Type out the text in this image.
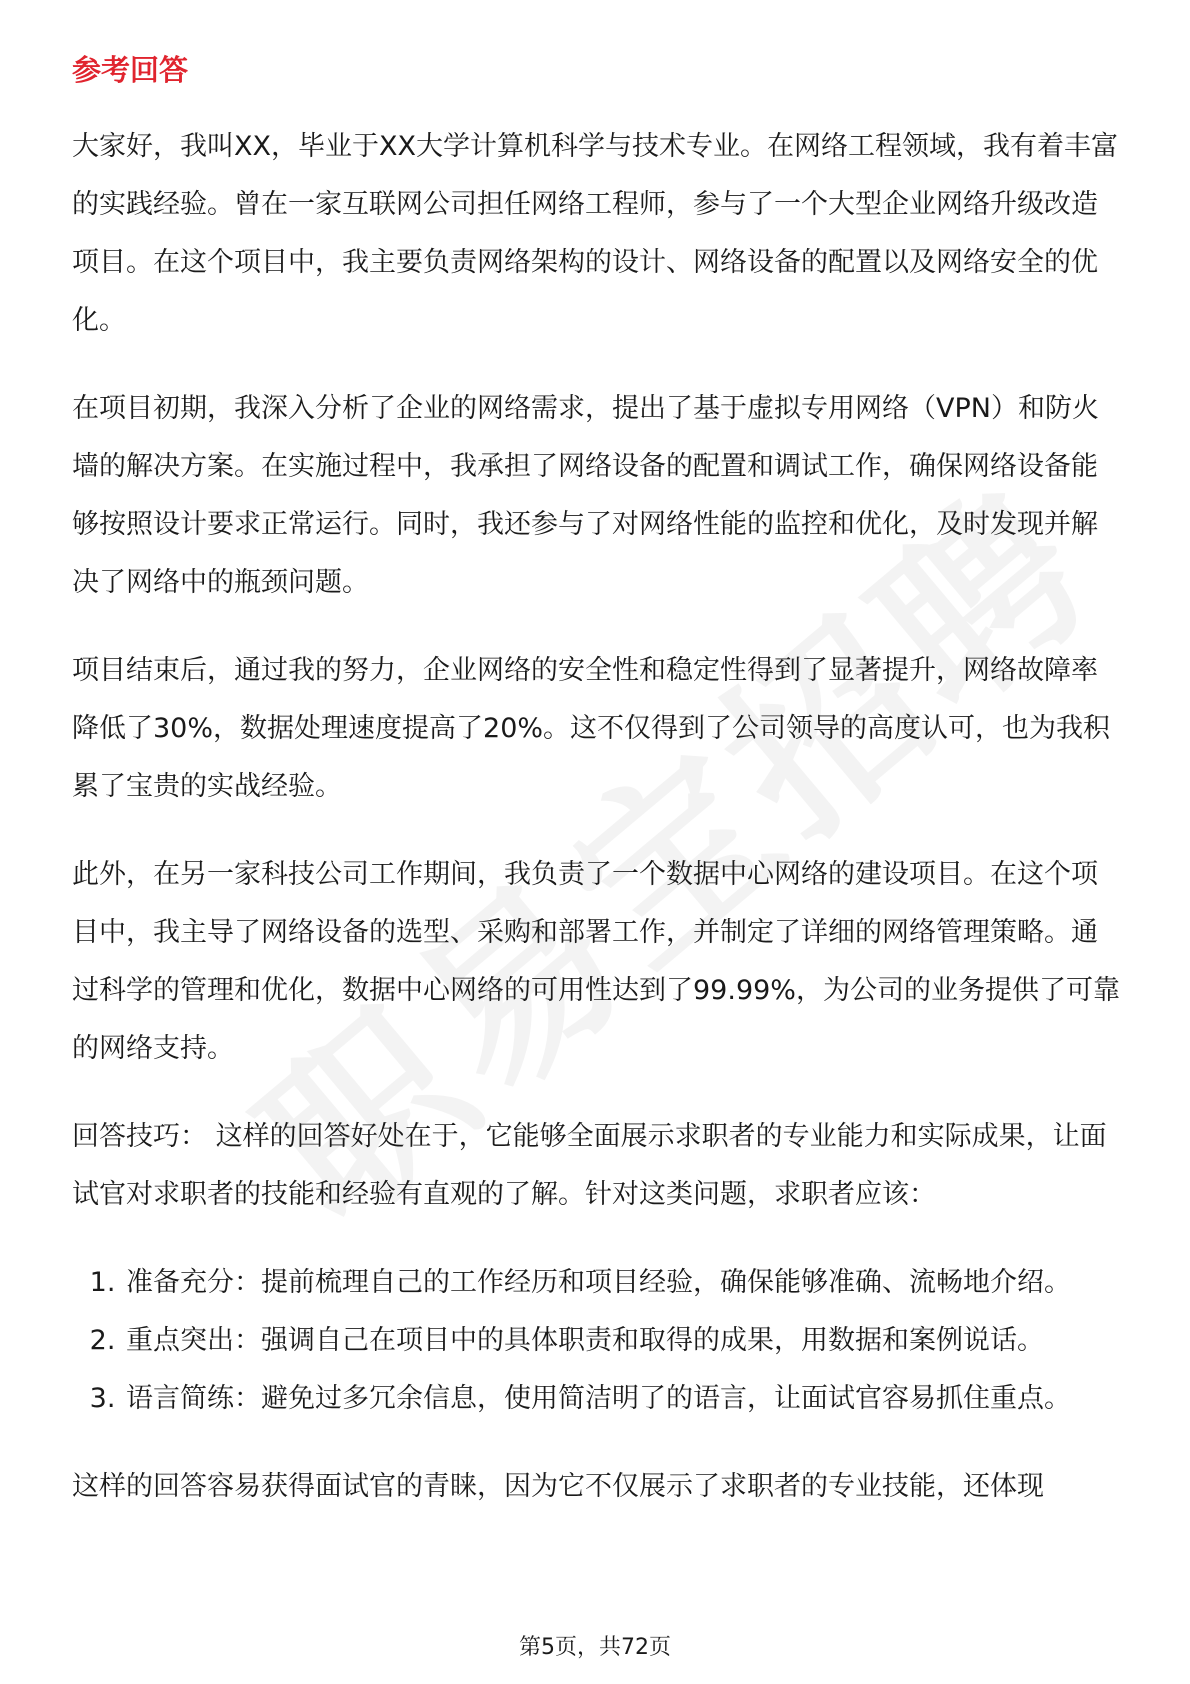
参考回答

大家好，我叫XX，毕业于XX大学计算机科学与技术专业。在网络工程领域，我有着丰富的实践经验。曾在一家互联网公司担任网络工程师，参与了一个大型企业网络升级改造项目。在这个项目中，我主要负责网络架构的设计、网络设备的配置以及网络安全的优化。

在项目初期，我深入分析了企业的网络需求，提出了基于虚拟专用网络（VPN）和防火墙的解决方案。在实施过程中，我承担了网络设备的配置和调试工作，确保网络设备能够按照设计要求正常运行。同时，我还参与了对网络性能的监控和优化，及时发现并解决了网络中的瓶颈问题。

项目结束后，通过我的努力，企业网络的安全性和稳定性得到了显著提升，网络故障率降低了30%，数据处理速度提高了20%。这不仅得到了公司领导的高度认可，也为我积累了宝贵的实战经验。

此外，在另一家科技公司工作期间，我负责了一个数据中心网络的建设项目。在这个项目中，我主导了网络设备的选型、采购和部署工作，并制定了详细的网络管理策略。通过科学的管理和优化，数据中心网络的可用性达到了99.99%，为公司的业务提供了可靠的网络支持。

回答技巧： 这样的回答好处在于，它能够全面展示求职者的专业能力和实际成果，让面试官对求职者的技能和经验有直观的了解。针对这类问题，求职者应该：

1. 准备充分：提前梳理自己的工作经历和项目经验，确保能够准确、流畅地介绍。
2. 重点突出：强调自己在项目中的具体职责和取得的成果，用数据和案例说话。
3. 语言简练：避免过多冗余信息，使用简洁明了的语言，让面试官容易抓住重点。

这样的回答容易获得面试官的青睐，因为它不仅展示了求职者的专业技能，还体现

第5页，共72页
